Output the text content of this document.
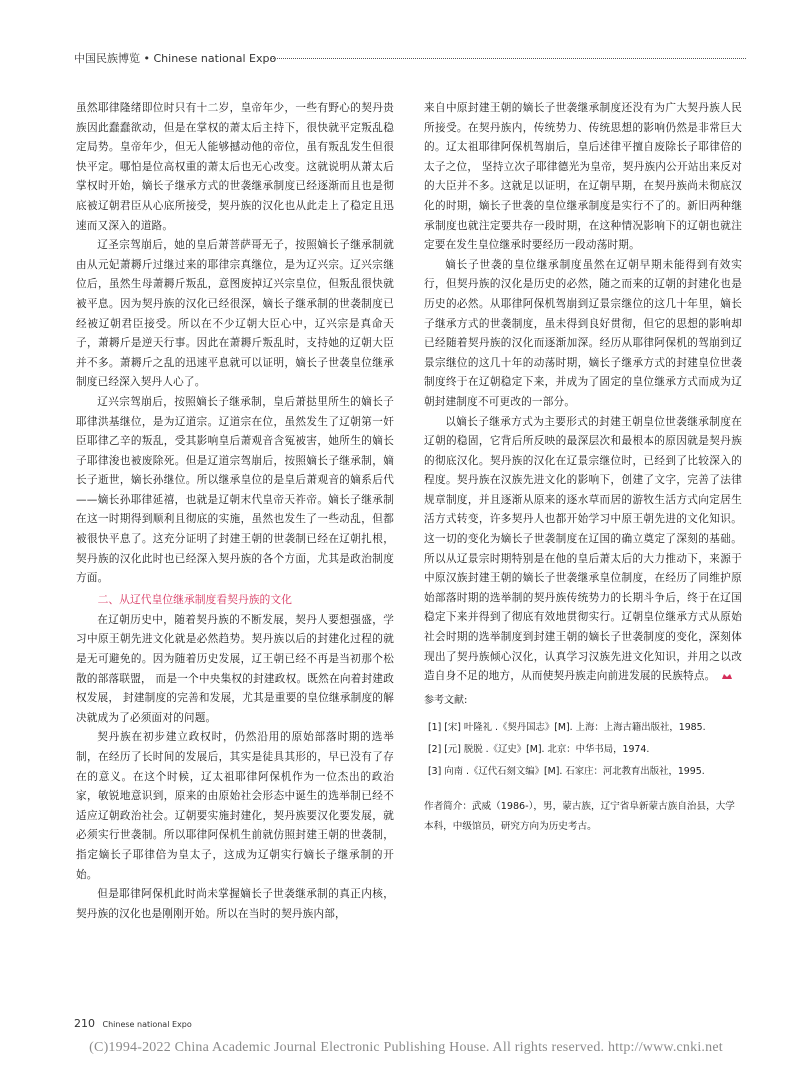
中国民族博览 • Chinese national Expo

虽然耶律隆绪即位时只有十二岁，皇帝年少，一些有野心的契丹贵族因此蠢蠢欲动，但是在掌权的萧太后主持下，很快就平定叛乱稳定局势。皇帝年少，但无人能够撼动他的帝位，虽有叛乱发生但很快平定。哪怕是位高权重的萧太后也无心改变。这就说明从萧太后掌权时开始，嫡长子继承方式的世袭继承制度已经逐渐而且也是彻底被辽朝君臣从心底所接受，契丹族的汉化也从此走上了稳定且迅速而又深入的道路。

辽圣宗驾崩后，她的皇后萧菩萨哥无子，按照嫡长子继承制就由从元妃萧耨斤过继过来的耶律宗真继位，是为辽兴宗。辽兴宗继位后，虽然生母萧耨斤叛乱，意图废掉辽兴宗皇位，但叛乱很快就被平息。因为契丹族的汉化已经很深，嫡长子继承制的世袭制度已经被辽朝君臣接受。所以在不少辽朝大臣心中，辽兴宗是真命天子，萧耨斤是逆天行事。因此在萧耨斤叛乱时，支持她的辽朝大臣并不多。萧耨斤之乱的迅速平息就可以证明，嫡长子世袭皇位继承制度已经深入契丹人心了。

辽兴宗驾崩后，按照嫡长子继承制，皇后萧挞里所生的嫡长子耶律洪基继位，是为辽道宗。辽道宗在位，虽然发生了辽朝第一奸臣耶律乙辛的叛乱，受其影响皇后萧观音含冤被害，她所生的嫡长子耶律浚也被废除死。但是辽道宗驾崩后，按照嫡长子继承制，嫡长子逝世，嫡长孙继位。所以继承皇位的是皇后萧观音的嫡系后代——嫡长孙耶律延禧，也就是辽朝末代皇帝天祚帝。嫡长子继承制在这一时期得到顺利且彻底的实施，虽然也发生了一些动乱，但都被很快平息了。这充分证明了封建王朝的世袭制已经在辽朝扎根，契丹族的汉化此时也已经深入契丹族的各个方面，尤其是政治制度方面。

二、从辽代皇位继承制度看契丹族的文化

在辽朝历史中，随着契丹族的不断发展，契丹人要想强盛，学习中原王朝先进文化就是必然趋势。契丹族以后的封建化过程的就是无可避免的。因为随着历史发展，辽王朝已经不再是当初那个松散的部落联盟， 而是一个中央集权的封建政权。既然在向着封建政权发展， 封建制度的完善和发展，尤其是重要的皇位继承制度的解决就成为了必须面对的问题。

契丹族在初步建立政权时，仍然沿用的原始部落时期的选举制，在经历了长时间的发展后，其实是徒具其形的，早已没有了存在的意义。在这个时候，辽太祖耶律阿保机作为一位杰出的政治家，敏锐地意识到，原来的由原始社会形态中诞生的选举制已经不适应辽朝政治社会。辽朝要实施封建化，契丹族要汉化要发展，就必须实行世袭制。所以耶律阿保机生前就仿照封建王朝的世袭制， 指定嫡长子耶律倍为皇太子，这成为辽朝实行嫡长子继承制的开始。

但是耶律阿保机此时尚未掌握嫡长子世袭继承制的真正内核，契丹族的汉化也是刚刚开始。所以在当时的契丹族内部，

来自中原封建王朝的嫡长子世袭继承制度还没有为广大契丹族人民所接受。在契丹族内，传统势力、传统思想的影响仍然是非常巨大的。辽太祖耶律阿保机驾崩后，皇后述律平擅自废除长子耶律倍的太子之位， 坚持立次子耶律德光为皇帝，契丹族内公开站出来反对的大臣并不多。这就足以证明，在辽朝早期，在契丹族尚未彻底汉化的时期，嫡长子世袭的皇位继承制度是实行不了的。新旧两种继承制度也就注定要共存一段时期，在这种情况影响下的辽朝也就注定要在发生皇位继承时要经历一段动荡时期。

嫡长子世袭的皇位继承制度虽然在辽朝早期未能得到有效实行，但契丹族的汉化是历史的必然，随之而来的辽朝的封建化也是历史的必然。从耶律阿保机驾崩到辽景宗继位的这几十年里，嫡长子继承方式的世袭制度，虽未得到良好贯彻，但它的思想的影响却已经随着契丹族的汉化而逐渐加深。经历从耶律阿保机的驾崩到辽景宗继位的这几十年的动荡时期，嫡长子继承方式的封建皇位世袭制度终于在辽朝稳定下来，并成为了固定的皇位继承方式而成为辽朝封建制度不可更改的一部分。

以嫡长子继承方式为主要形式的封建王朝皇位世袭继承制度在辽朝的稳固，它背后所反映的最深层次和最根本的原因就是契丹族的彻底汉化。契丹族的汉化在辽景宗继位时，已经到了比较深入的程度。契丹族在汉族先进文化的影响下，创建了文字，完善了法律规章制度，并且逐渐从原来的逐水草而居的游牧生活方式向定居生活方式转变，许多契丹人也都开始学习中原王朝先进的文化知识。这一切的变化为嫡长子世袭制度在辽国的确立奠定了深刻的基础。所以从辽景宗时期特别是在他的皇后萧太后的大力推动下，来源于中原汉族封建王朝的嫡长子世袭继承皇位制度，在经历了同维护原始部落时期的选举制的契丹族传统势力的长期斗争后，终于在辽国稳定下来并得到了彻底有效地贯彻实行。辽朝皇位继承方式从原始社会时期的选举制度到封建王朝的嫡长子世袭制度的变化，深刻体现出了契丹族倾心汉化，认真学习汉族先进文化知识，并用之以改造自身不足的地方，从而使契丹族走向前进发展的民族特点。

参考文献:

[1] [宋] 叶隆礼 .《契丹国志》[M]. 上海：上海古籍出版社，1985.

[2] [元] 脱脱 .《辽史》[M]. 北京：中华书局，1974.

[3] 向南 .《辽代石刻文编》[M]. 石家庄：河北教育出版社，1995.

作者简介：武威（1986-），男，蒙古族，辽宁省阜新蒙古族自治县，大学本科，中级馆员，研究方向为历史考古。

210 Chinese national Expo
(C)1994-2022 China Academic Journal Electronic Publishing House. All rights reserved. http://www.cnki.net
